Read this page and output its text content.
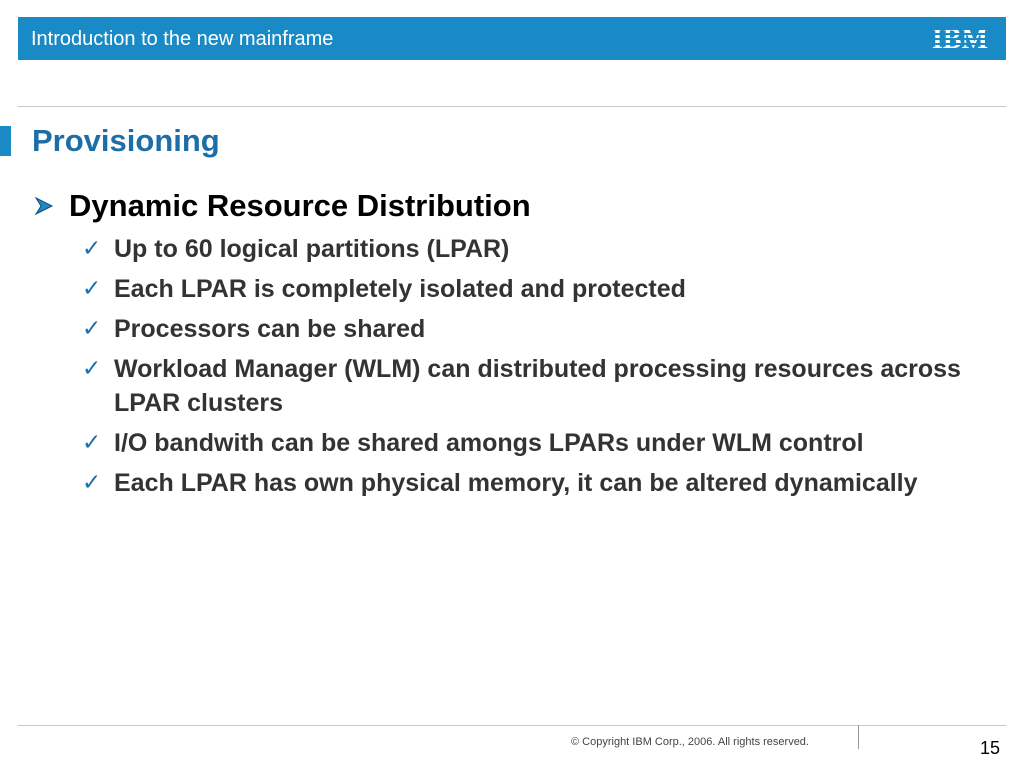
Introduction to the new mainframe
Provisioning
Dynamic Resource Distribution
✓ Up to 60 logical partitions (LPAR)
✓ Each LPAR is completely isolated and protected
✓ Processors can be shared
✓ Workload Manager (WLM) can distributed processing resources across LPAR clusters
✓ I/O bandwith can be shared amongs LPARs under WLM control
✓ Each LPAR has own physical memory, it can be altered dynamically
© Copyright IBM Corp., 2006. All rights reserved.	15
